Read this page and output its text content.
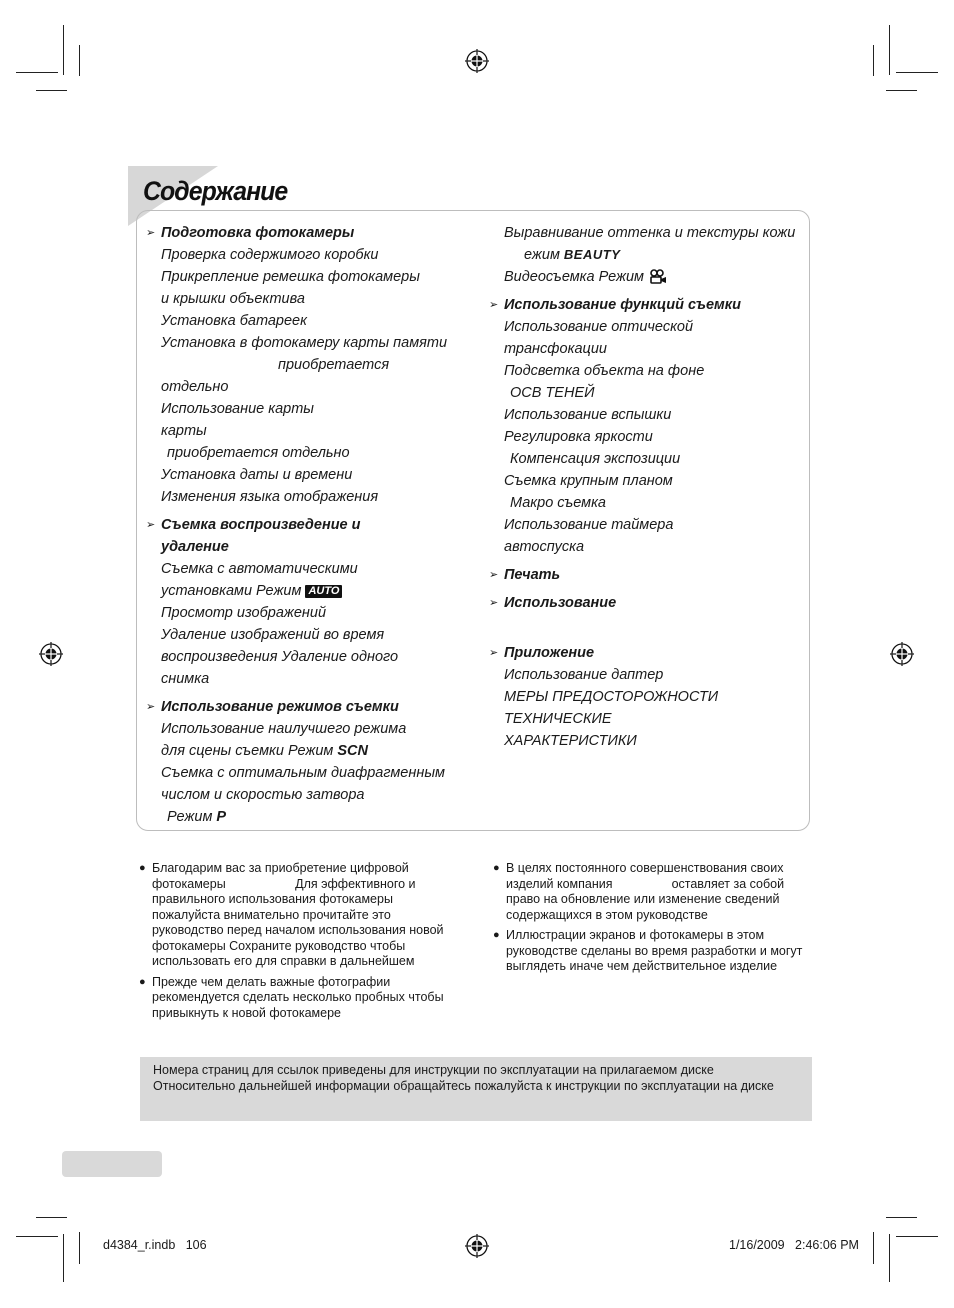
Содержание
➢ Подготовка фотокамеры
Проверка содержимого коробки
Прикрепление ремешка фотокамеры
и крышки объектива
Установка батареек
Установка в фотокамеру карты памяти
приобретается
отдельно
Использование карты
карты
приобретается отдельно
Установка даты и времени
Изменения языка отображения
➢ Съемка воспроизведение и
удаление
Съемка с автоматическими
установками Режим AUTO
Просмотр изображений
Удаление изображений во время
воспроизведения Удаление одного
снимка
➢ Использование режимов съемки
Использование наилучшего режима
для сцены съемки Режим SCN
Съемка с оптимальным диафрагменным
числом и скоростью затвора
Режим P
Выравнивание оттенка и текстуры кожи
ежим BEAUTY
Видеосъемка Режим
➢ Использование функций съемки
Использование оптической
трансфокации
Подсветка объекта на фоне
ОСВ ТЕНЕЙ
Использование вспышки
Регулировка яркости
Компенсация экспозиции
Съемка крупным планом
Макро съемка
Использование таймера
автоспуска
➢ Печать
➢ Использование
➢ Приложение
Использование даптер
МЕРЫ ПРЕДОСТОРОЖНОСТИ
ТЕХНИЧЕСКИЕ
ХАРАКТЕРИСТИКИ
● Благодарим вас за приобретение цифровой
фотокамеры                    Для эффективного и
правильного использования фотокамеры
пожалуйста внимательно прочитайте это
руководство перед началом использования новой
фотокамеры Сохраните руководство чтобы
использовать его для справки в дальнейшем
● Прежде чем делать важные фотографии
рекомендуется сделать несколько пробных чтобы
привыкнуть к новой фотокамере
● В целях постоянного совершенствования своих
изделий компания                 оставляет за собой
право на обновление или изменение сведений
содержащихся в этом руководстве
● Иллюстрации экранов и фотокамеры в этом
руководстве сделаны во время разработки и могут
выглядеть иначе чем действительное изделие
Номера страниц для ссылок приведены для инструкции по эксплуатации на прилагаемом диске
Относительно дальнейшей информации обращайтесь пожалуйста к инструкции по эксплуатации на диске
d4384_r.indb   106	1/16/2009   2:46:06 PM
